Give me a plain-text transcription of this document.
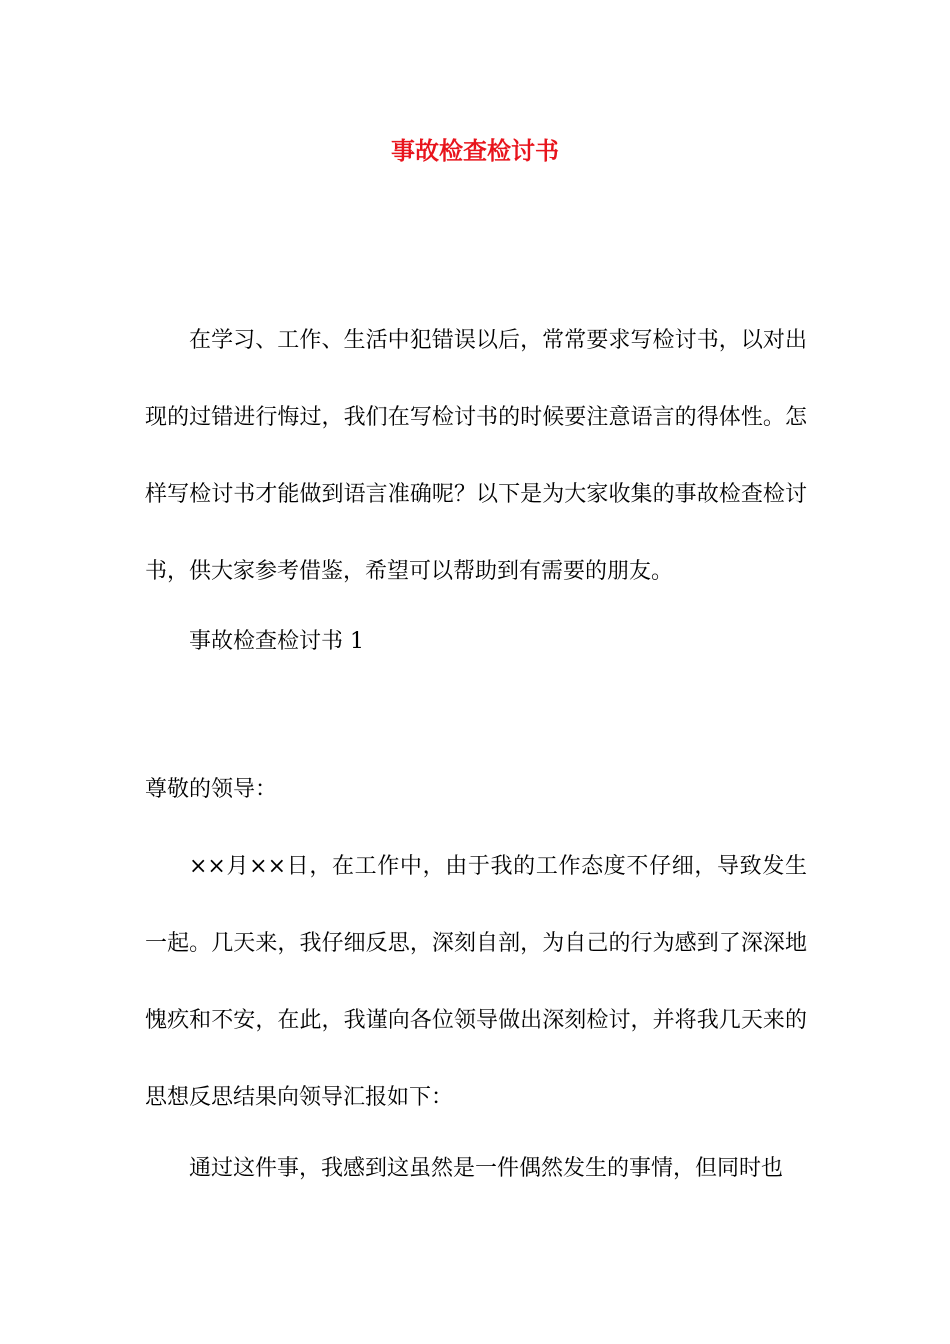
事故检查检讨书
在学习、工作、生活中犯错误以后，常常要求写检讨书，以对出现的过错进行悔过，我们在写检讨书的时候要注意语言的得体性。怎样写检讨书才能做到语言准确呢？以下是为大家收集的事故检查检讨书，供大家参考借鉴，希望可以帮助到有需要的朋友。
事故检查检讨书 1
尊敬的领导：
××月××日，在工作中，由于我的工作态度不仔细，导致发生一起。几天来，我仔细反思，深刻自剖，为自己的行为感到了深深地愧疚和不安，在此，我谨向各位领导做出深刻检讨，并将我几天来的思想反思结果向领导汇报如下：
通过这件事，我感到这虽然是一件偶然发生的事情，但同时也
